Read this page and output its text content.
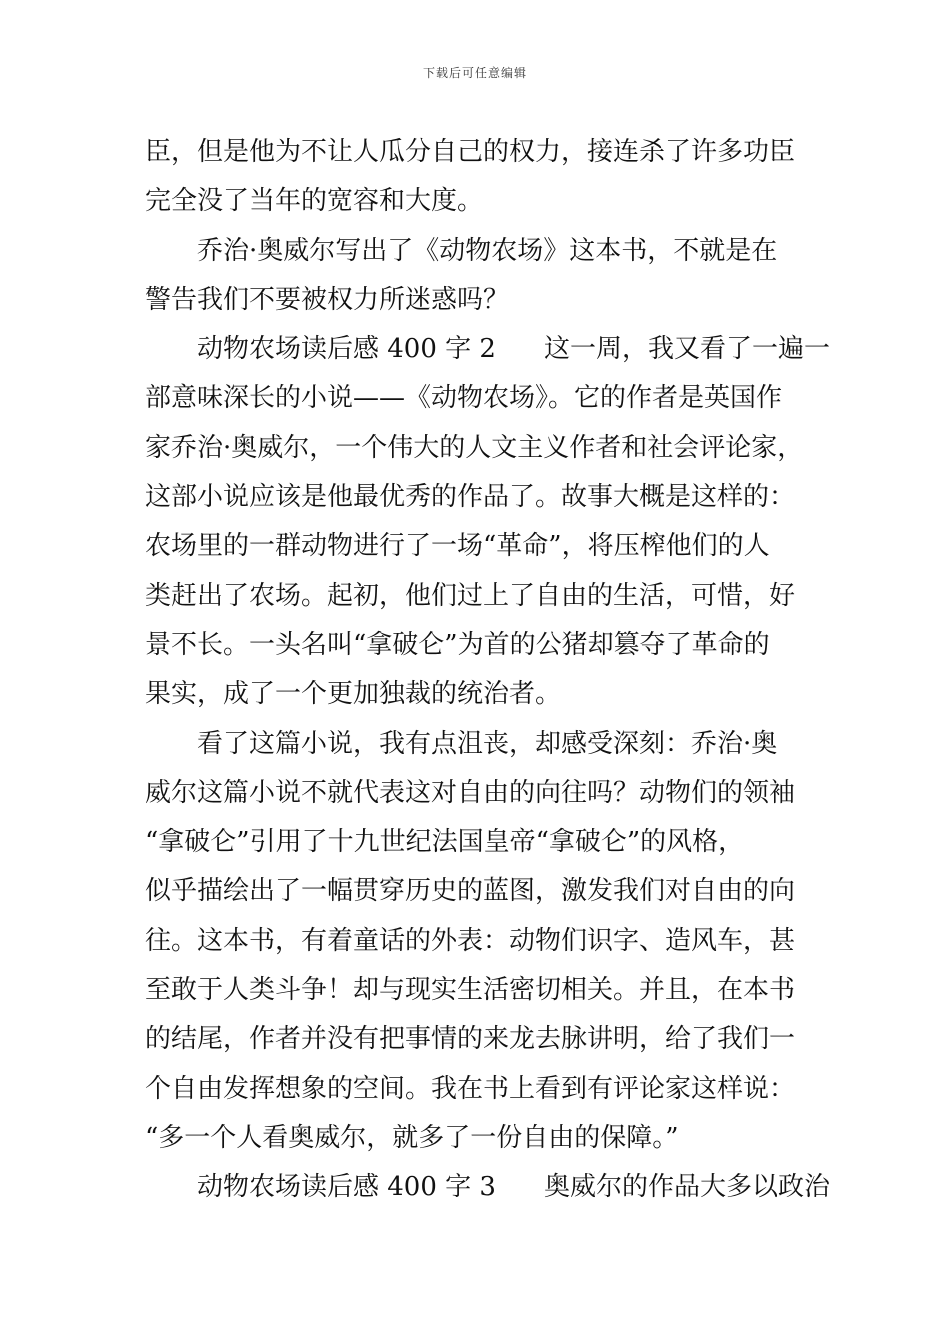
下载后可任意编辑
臣，但是他为不让人瓜分自己的权力，接连杀了许多功臣
完全没了当年的宽容和大度。
乔治·奥威尔写出了《动物农场》这本书，不就是在
警告我们不要被权力所迷惑吗？
动物农场读后感 400 字 2 这一周，我又看了一遍一
部意味深长的小说——《动物农场》。它的作者是英国作
家乔治·奥威尔，一个伟大的人文主义作者和社会评论家，
这部小说应该是他最优秀的作品了。故事大概是这样的：
农场里的一群动物进行了一场“革命”，将压榨他们的人
类赶出了农场。起初，他们过上了自由的生活，可惜，好
景不长。一头名叫“拿破仑”为首的公猪却篡夺了革命的
果实，成了一个更加独裁的统治者。
看了这篇小说，我有点沮丧，却感受深刻：乔治·奥
威尔这篇小说不就代表这对自由的向往吗？动物们的领袖
“拿破仑”引用了十九世纪法国皇帝“拿破仑”的风格，
似乎描绘出了一幅贯穿历史的蓝图，激发我们对自由的向
往。这本书，有着童话的外表：动物们识字、造风车，甚
至敢于人类斗争！却与现实生活密切相关。并且，在本书
的结尾，作者并没有把事情的来龙去脉讲明，给了我们一
个自由发挥想象的空间。我在书上看到有评论家这样说：
“多一个人看奥威尔，就多了一份自由的保障。”
动物农场读后感 400 字 3 奥威尔的作品大多以政治
